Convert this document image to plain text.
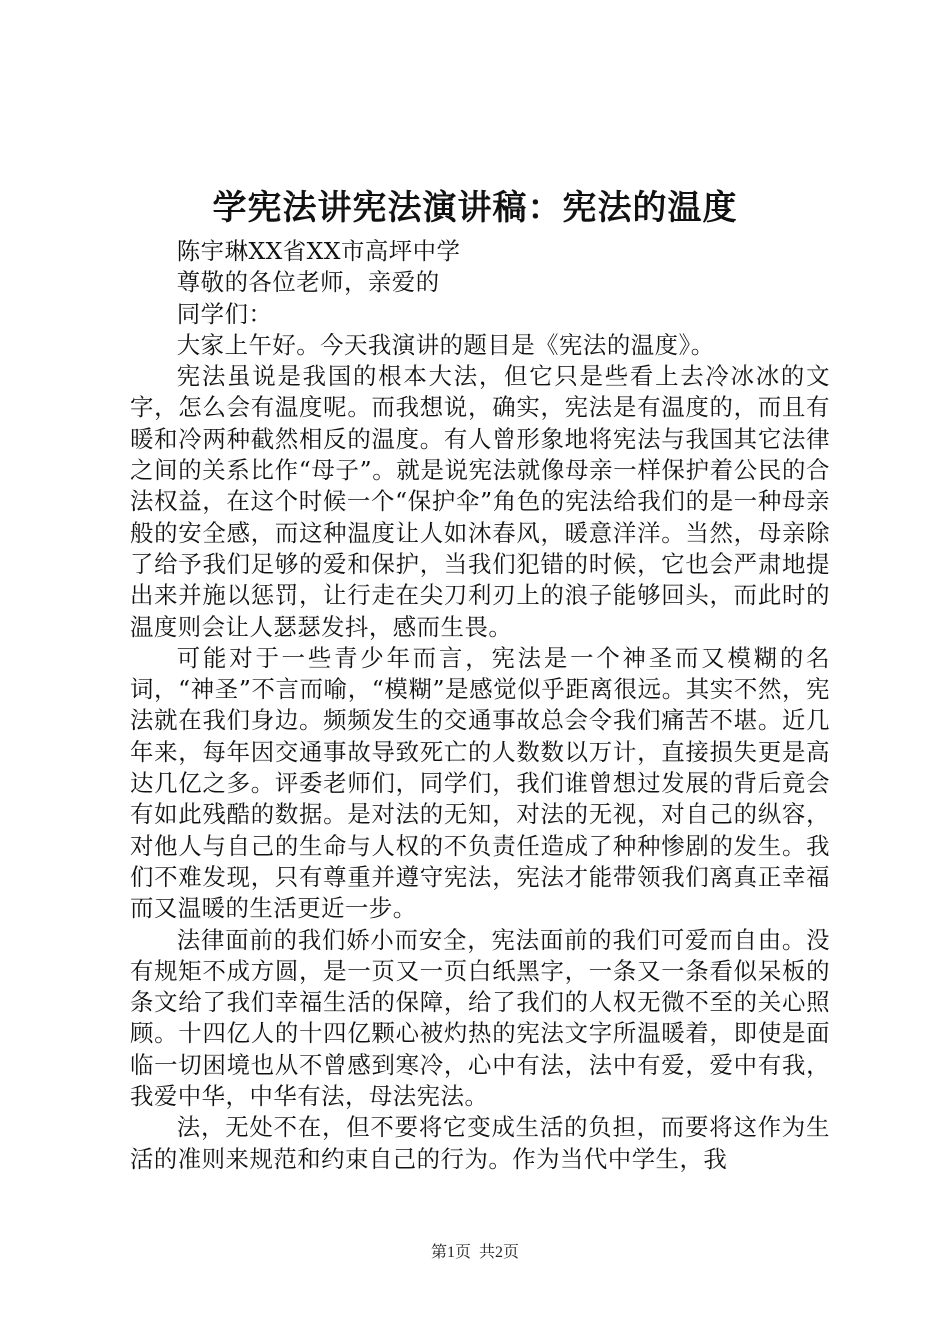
学宪法讲宪法演讲稿：宪法的温度

陈宇琳XX省XX市高坪中学

尊敬的各位老师，亲爱的

同学们：

大家上午好。今天我演讲的题目是《宪法的温度》。

宪法虽说是我国的根本大法，但它只是些看上去冷冰冰的文字，怎么会有温度呢。而我想说，确实，宪法是有温度的，而且有暖和冷两种截然相反的温度。有人曾形象地将宪法与我国其它法律之间的关系比作“母子”。就是说宪法就像母亲一样保护着公民的合法权益，在这个时候一个“保护伞”角色的宪法给我们的是一种母亲般的安全感，而这种温度让人如沐春风，暖意洋洋。当然，母亲除了给予我们足够的爱和保护，当我们犯错的时候，它也会严肃地提出来并施以惩罚，让行走在尖刀利刃上的浪子能够回头，而此时的温度则会让人瑟瑟发抖，感而生畏。

可能对于一些青少年而言，宪法是一个神圣而又模糊的名词，“神圣”不言而喻，“模糊”是感觉似乎距离很远。其实不然，宪法就在我们身边。频频发生的交通事故总会令我们痛苦不堪。近几年来，每年因交通事故导致死亡的人数数以万计，直接损失更是高达几亿之多。评委老师们，同学们，我们谁曾想过发展的背后竟会有如此残酷的数据。是对法的无知，对法的无视，对自己的纵容，对他人与自己的生命与人权的不负责任造成了种种惨剧的发生。我们不难发现，只有尊重并遵守宪法，宪法才能带领我们离真正幸福而又温暖的生活更近一步。

法律面前的我们娇小而安全，宪法面前的我们可爱而自由。没有规矩不成方圆，是一页又一页白纸黑字，一条又一条看似呆板的条文给了我们幸福生活的保障，给了我们的人权无微不至的关心照顾。十四亿人的十四亿颗心被灼热的宪法文字所温暖着，即使是面临一切困境也从不曾感到寒冷，心中有法，法中有爱，爱中有我，我爱中华，中华有法，母法宪法。

法，无处不在，但不要将它变成生活的负担，而要将这作为生活的准则来规范和约束自己的行为。作为当代中学生，我

第1页 共2页
